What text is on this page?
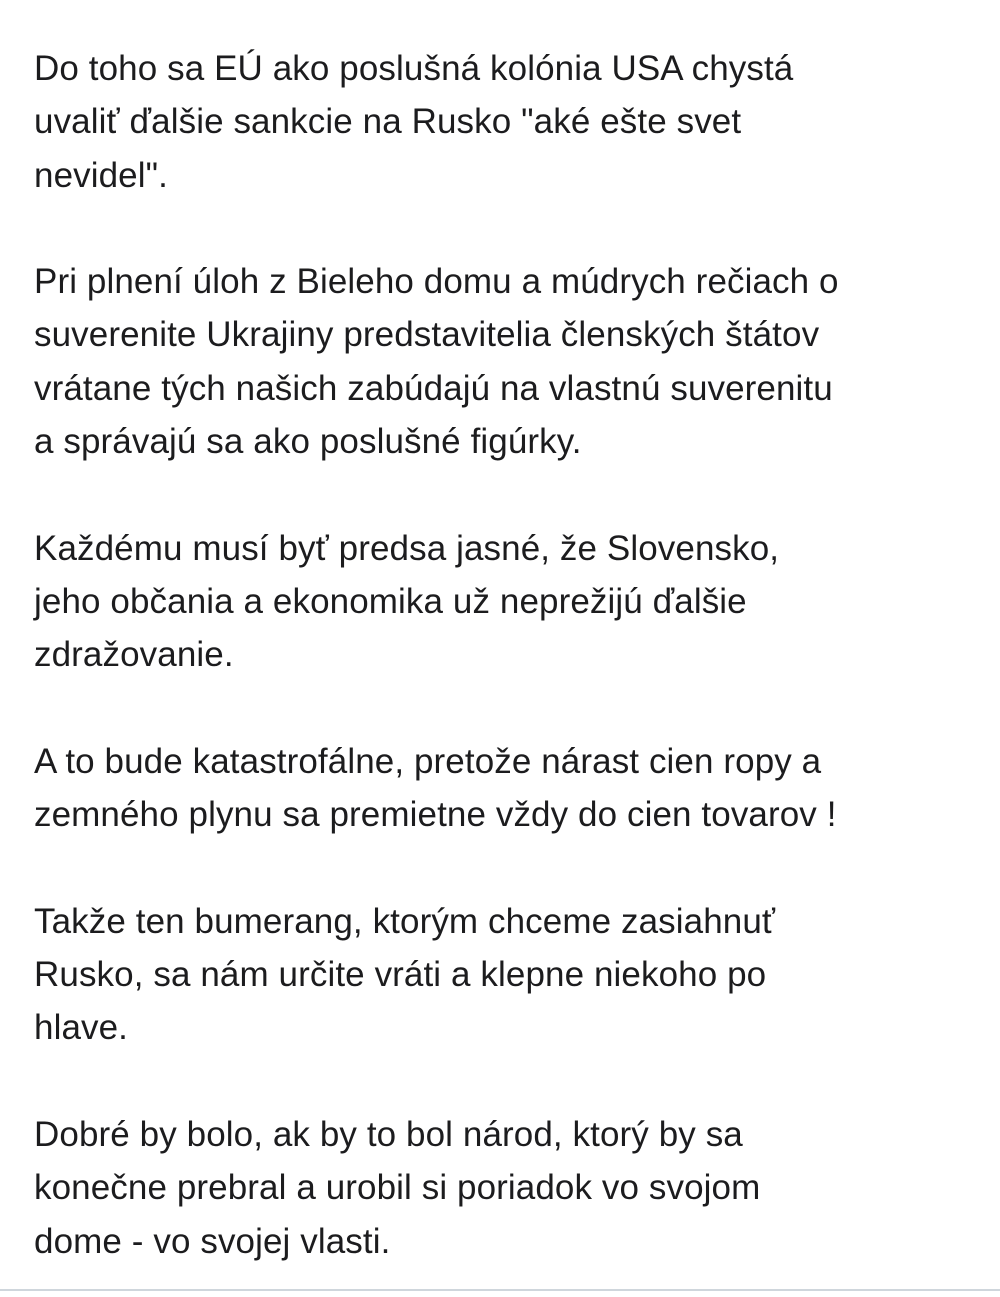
Do toho sa EÚ ako poslušná kolónia USA chystá
uvaliť ďalšie sankcie na Rusko "aké ešte svet
nevidel".

Pri plnení úloh z Bieleho domu a múdrych rečiach o
suverenite Ukrajiny predstavitelia členských štátov
vrátane tých našich zabúdajú na vlastnú suverenitu
a správajú sa ako poslušné figúrky.

Každému musí byť predsa jasné, že Slovensko,
jeho občania a ekonomika už neprežijú ďalšie
zdražovanie.

A to bude katastrofálne, pretože nárast cien ropy a
zemného plynu sa premietne vždy do cien tovarov !

Takže ten bumerang, ktorým chceme zasiahnuť
Rusko, sa nám určite vráti a klepne niekoho po
hlave.

Dobré by bolo, ak by to bol národ, ktorý by sa
konečne prebral a urobil si poriadok vo svojom
dome - vo svojej vlasti.
